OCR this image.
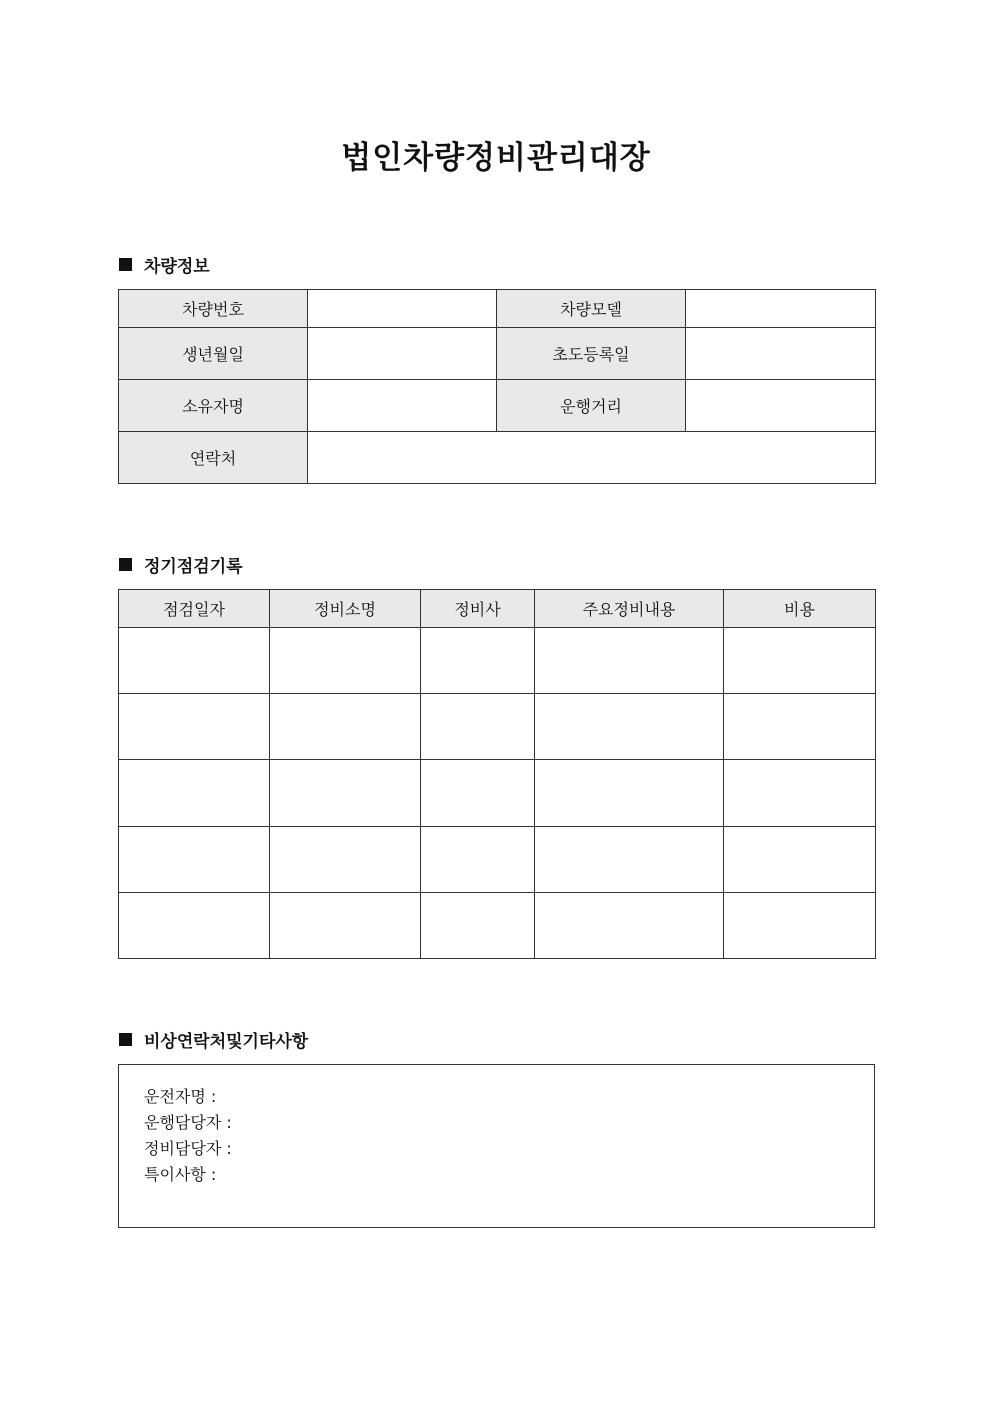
법인차량정비관리대장
차량정보
차량번호		차량모델	
생년월일		초도등록일	
소유자명		운행거리	
연락처			
정기점검기록
점검일자	정비소명	정비사	주요정비내용	비용

비상연락처및기타사항
운전자명 :
운행담당자 :
정비담당자 :
특이사항 :
